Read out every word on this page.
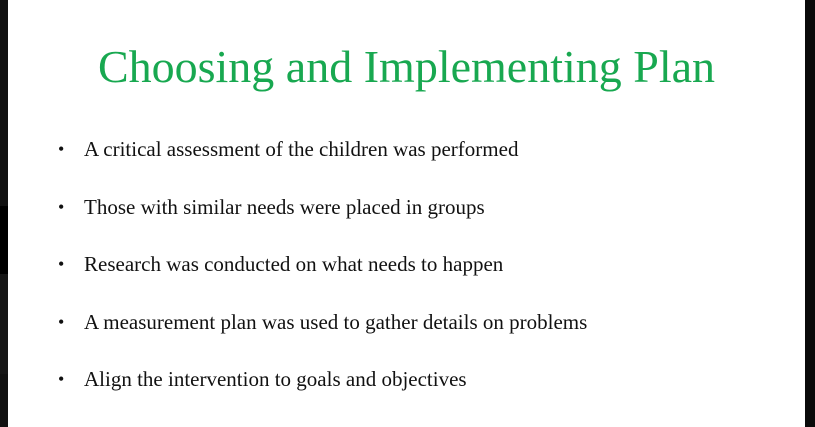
Choosing and Implementing Plan
• A critical assessment of the children was performed
• Those with similar needs were placed in groups
• Research was conducted on what needs to happen
• A measurement plan was used to gather details on problems
• Align the intervention to goals and objectives
